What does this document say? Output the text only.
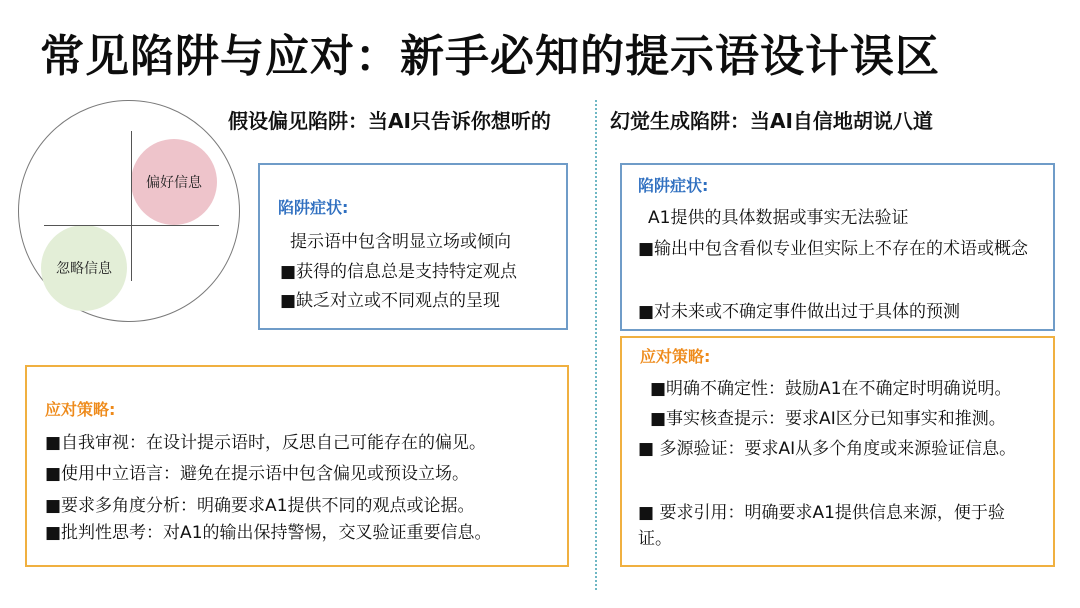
常见陷阱与应对：新手必知的提示语设计误区
假设偏见陷阱：当AI只告诉你想听的	幻觉生成陷阱：当AI自信地胡说八道
偏好信息
忽略信息
陷阱症状:
提示语中包含明显立场或倾向
■获得的信息总是支持特定观点
■缺乏对立或不同观点的呈现
应对策略:
■自我审视：在设计提示语时，反思自己可能存在的偏见。
■使用中立语言：避免在提示语中包含偏见或预设立场。
■要求多角度分析：明确要求A1提供不同的观点或论据。
■批判性思考：对A1的输出保持警惕，交叉验证重要信息。
陷阱症状:
A1提供的具体数据或事实无法验证
■输出中包含看似专业但实际上不存在的术语或概念
■对未来或不确定事件做出过于具体的预测
应对策略:
■明确不确定性：鼓励A1在不确定时明确说明。
■事实核查提示：要求AI区分已知事实和推测。
■ 多源验证：要求AI从多个角度或来源验证信息。
■ 要求引用：明确要求A1提供信息来源，便于验证。
